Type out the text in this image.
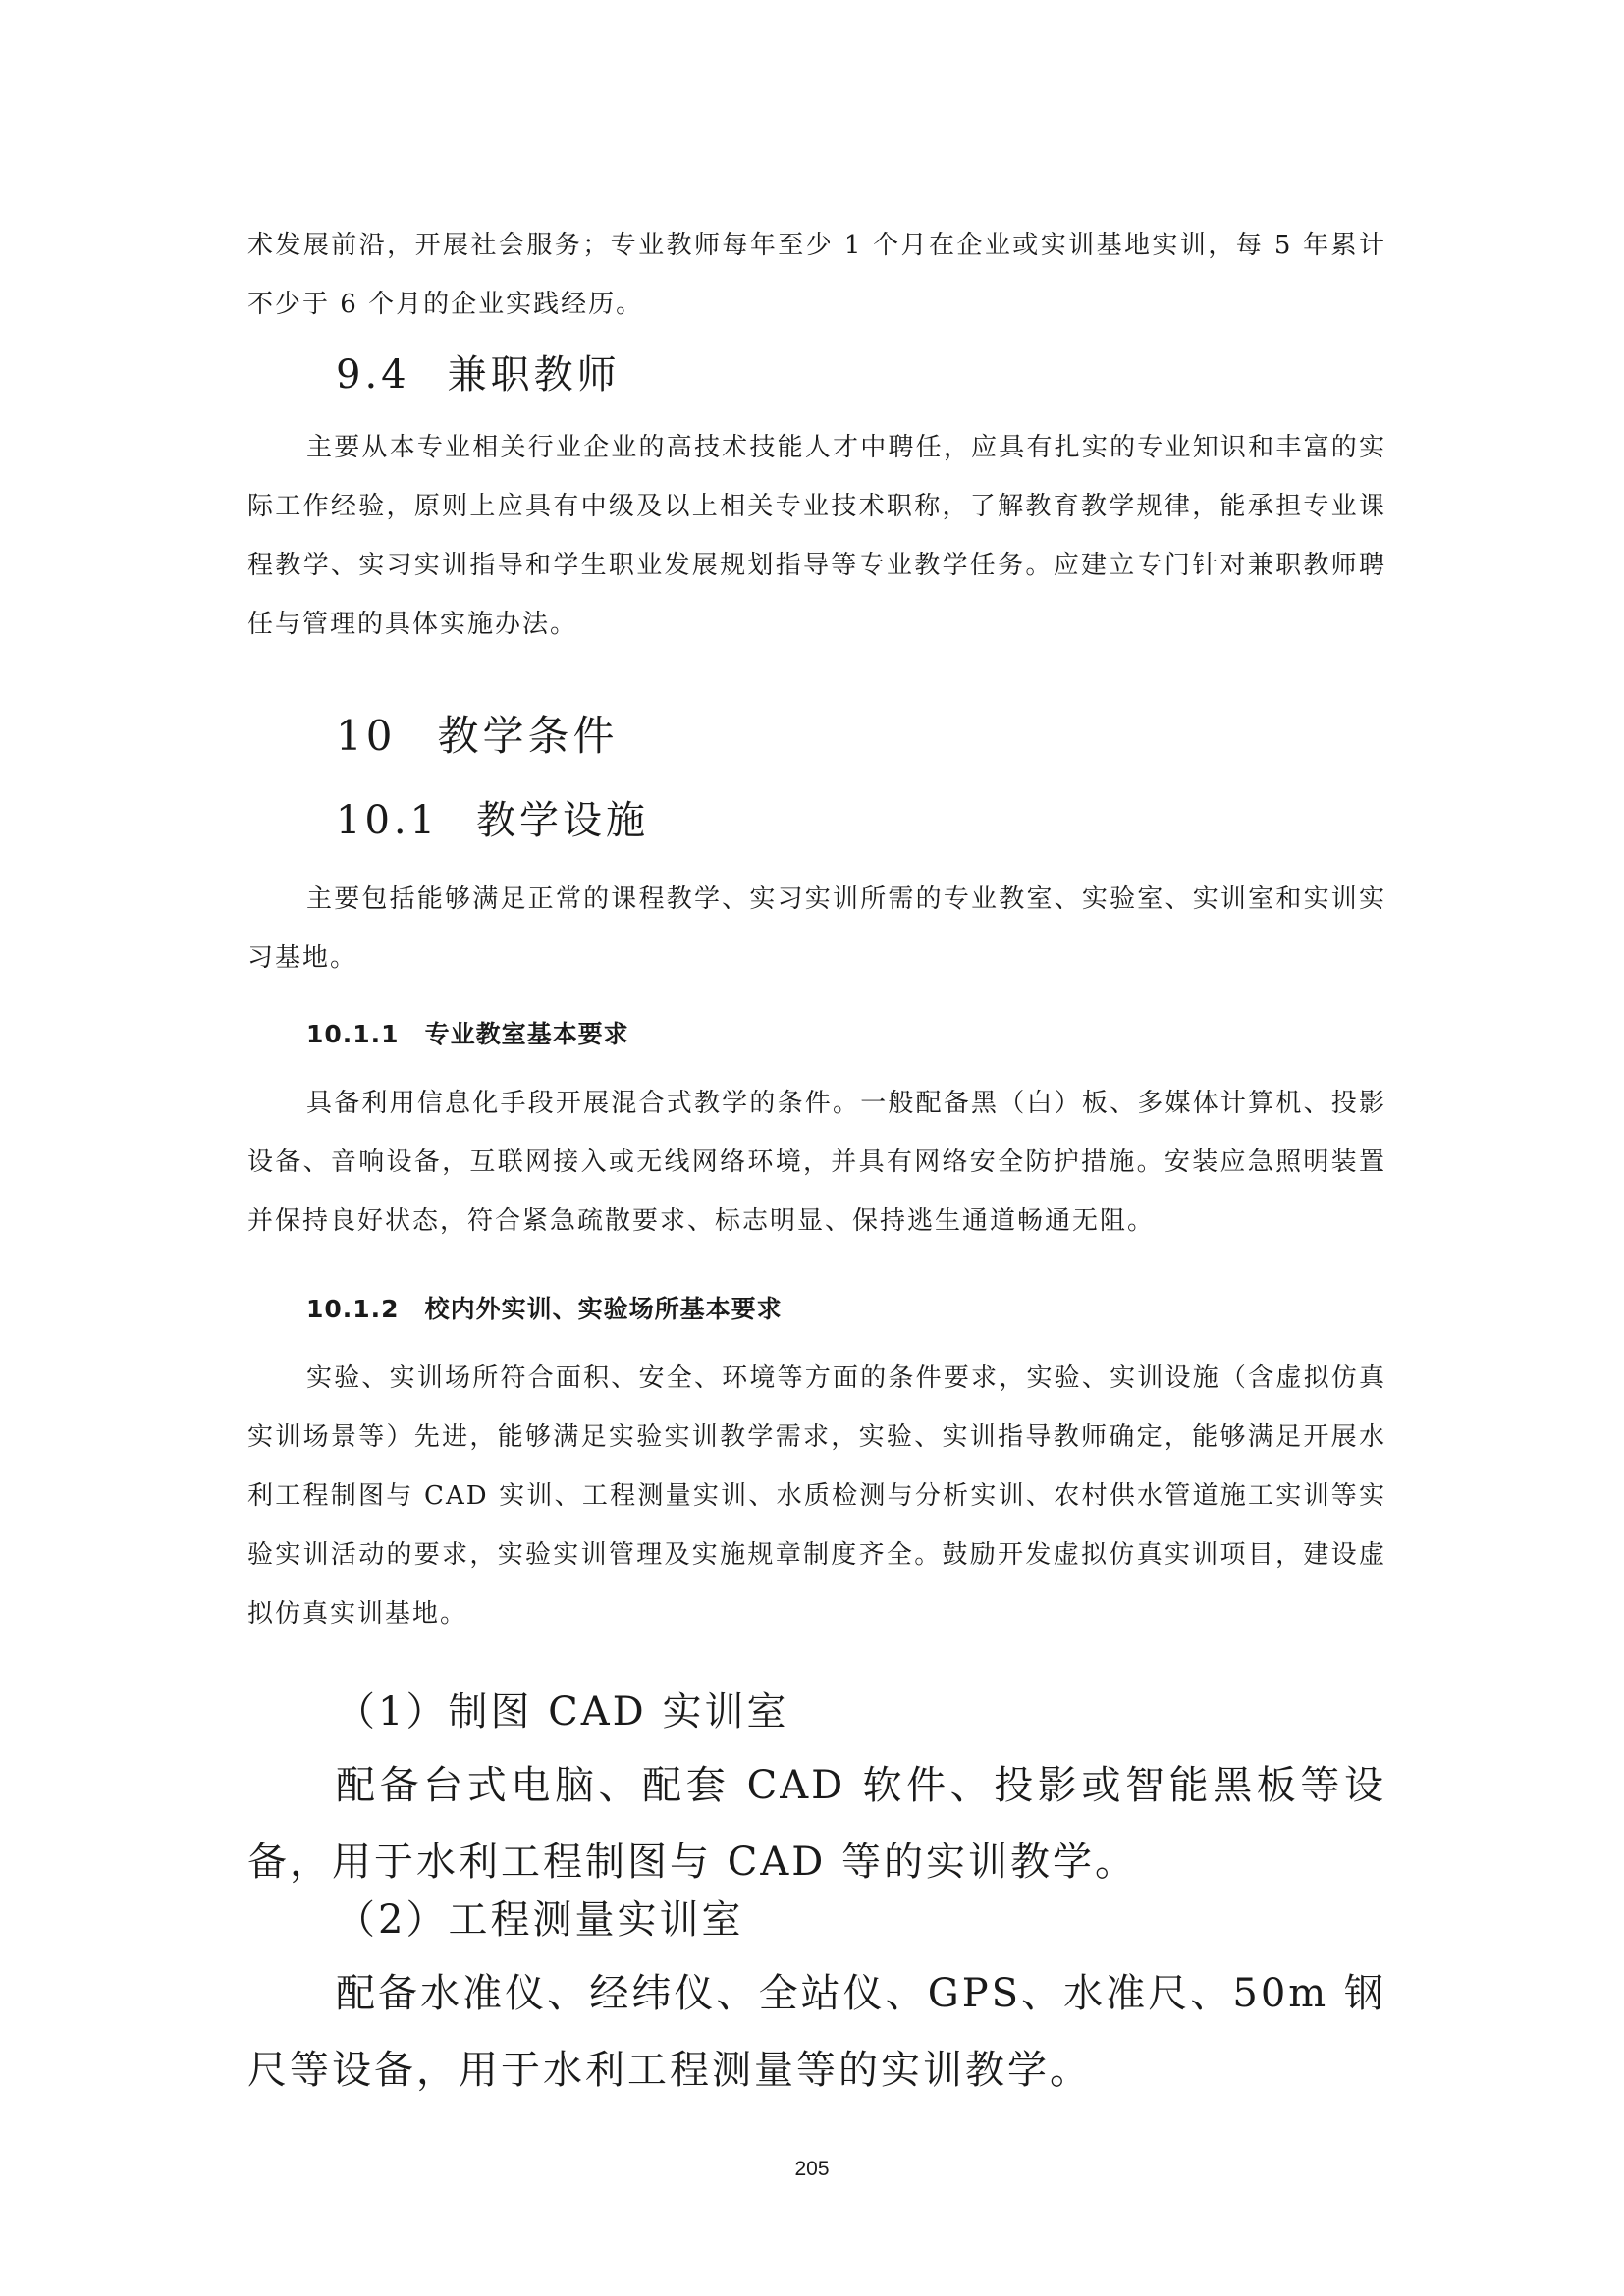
术发展前沿，开展社会服务；专业教师每年至少 1 个月在企业或实训基地实训，每 5 年累计不少于 6 个月的企业实践经历。

9.4 兼职教师

主要从本专业相关行业企业的高技术技能人才中聘任，应具有扎实的专业知识和丰富的实际工作经验，原则上应具有中级及以上相关专业技术职称，了解教育教学规律，能承担专业课程教学、实习实训指导和学生职业发展规划指导等专业教学任务。应建立专门针对兼职教师聘任与管理的具体实施办法。

10 教学条件
10.1 教学设施

主要包括能够满足正常的课程教学、实习实训所需的专业教室、实验室、实训室和实训实习基地。

10.1.1 专业教室基本要求

具备利用信息化手段开展混合式教学的条件。一般配备黑（白）板、多媒体计算机、投影设备、音响设备，互联网接入或无线网络环境，并具有网络安全防护措施。安装应急照明装置并保持良好状态，符合紧急疏散要求、标志明显、保持逃生通道畅通无阻。

10.1.2 校内外实训、实验场所基本要求

实验、实训场所符合面积、安全、环境等方面的条件要求，实验、实训设施（含虚拟仿真实训场景等）先进，能够满足实验实训教学需求，实验、实训指导教师确定，能够满足开展水利工程制图与 CAD 实训、工程测量实训、水质检测与分析实训、农村供水管道施工实训等实验实训活动的要求，实验实训管理及实施规章制度齐全。鼓励开发虚拟仿真实训项目，建设虚拟仿真实训基地。

（1）制图 CAD 实训室

配备台式电脑、配套 CAD 软件、投影或智能黑板等设备，用于水利工程制图与 CAD 等的实训教学。

（2）工程测量实训室

配备水准仪、经纬仪、全站仪、GPS、水准尺、50m 钢尺等设备，用于水利工程测量等的实训教学。

205
